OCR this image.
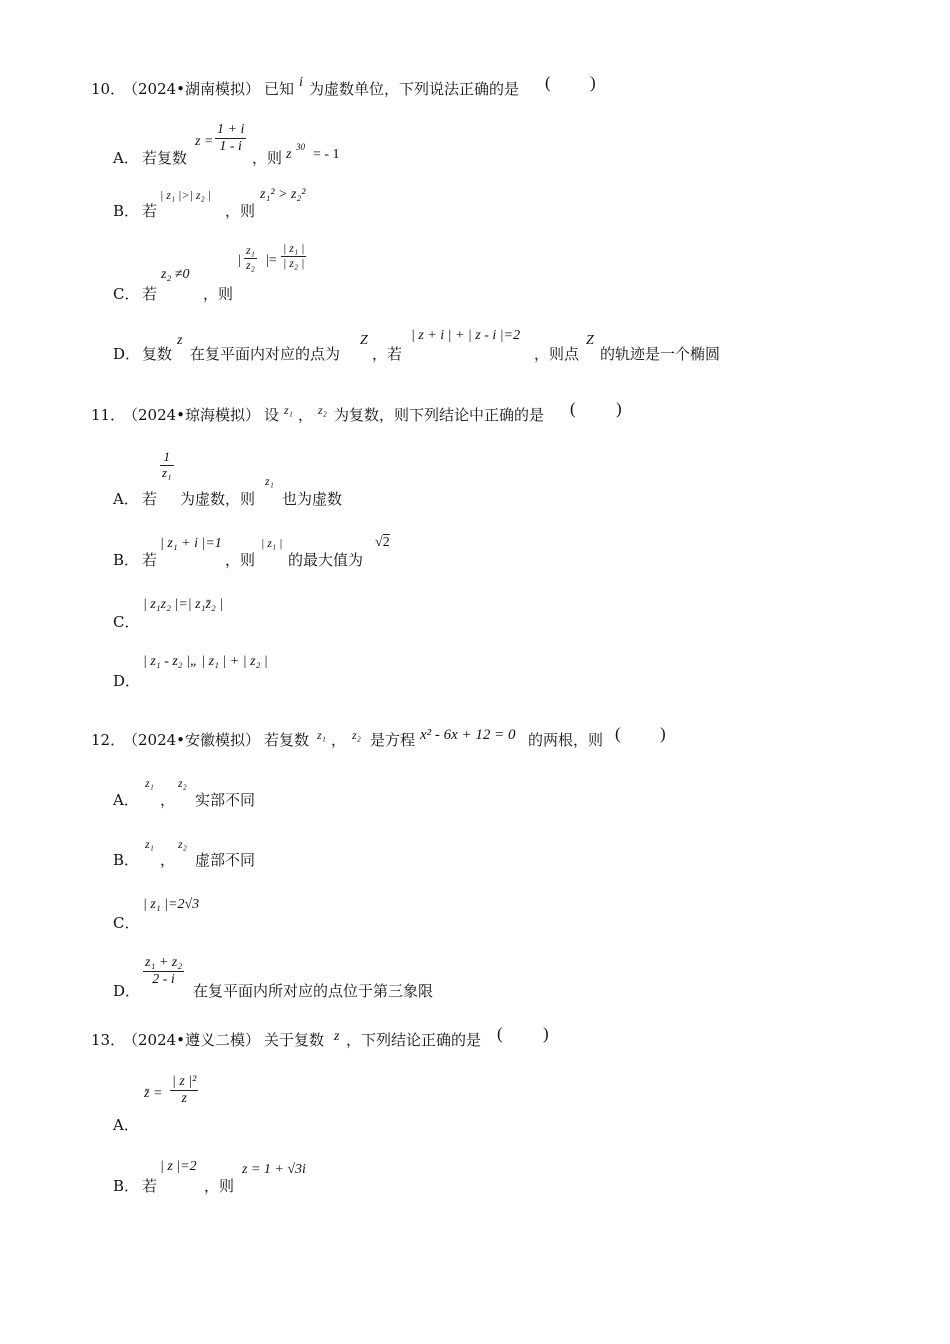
10．
（2024•湖南模拟） 已知 i 为虚数单位，下列说法正确的是 ( )
A． 若复数
$z = \frac{1 + i}{1 - i}$
，则 z 30 = - 1
B． 若
| z₁ |>| z₂ |
，则
z₁² > z₂²
C． 若
z₂ ≠0
，则
| $\frac{\text{z₁}}{\text{z₂}}$ |= $\frac{\text{| z₁ |}}{\text{| z₂ |}}$
D． 复数
z
在复平面内对应的点为
Z
，若
| z + i | + | z - i |=2
，则点
Z
的轨迹是一个椭圆
11．
（2024•琼海模拟） 设 z₁ ， z₂ 为复数，则下列结论中正确的是 ( )
A． 若
$\frac{1}{\text{z₁}}$
为虚数，则
z₁
也为虚数
B． 若
| z₁ + i |=1
，则
| z₁ |
的最大值为
√2
C．
| z₁z₂ |=| z₁z̄₂ |
D．
| z₁ - z₂ |„ | z₁ | + | z₂ |
12．
（2024•安徽模拟） 若复数 z₁ ， z₂ 是方程 x² - 6x + 12 = 0 的两根，则 ( )
A．
z₁
，
z₂
实部不同
B．
z₁
，
z₂
虚部不同
C．
| z₁ |=2√3
D．
$\frac{\text{z₁ + z₂}}{2 - i}$
在复平面内所对应的点位于第三象限
13．
（2024•遵义二模） 关于复数 z ，下列结论正确的是 ( )
A．
z̄ = $\frac{\text{| z |²}}{z}$
B． 若
| z |=2
，则
z = 1 + √3i
